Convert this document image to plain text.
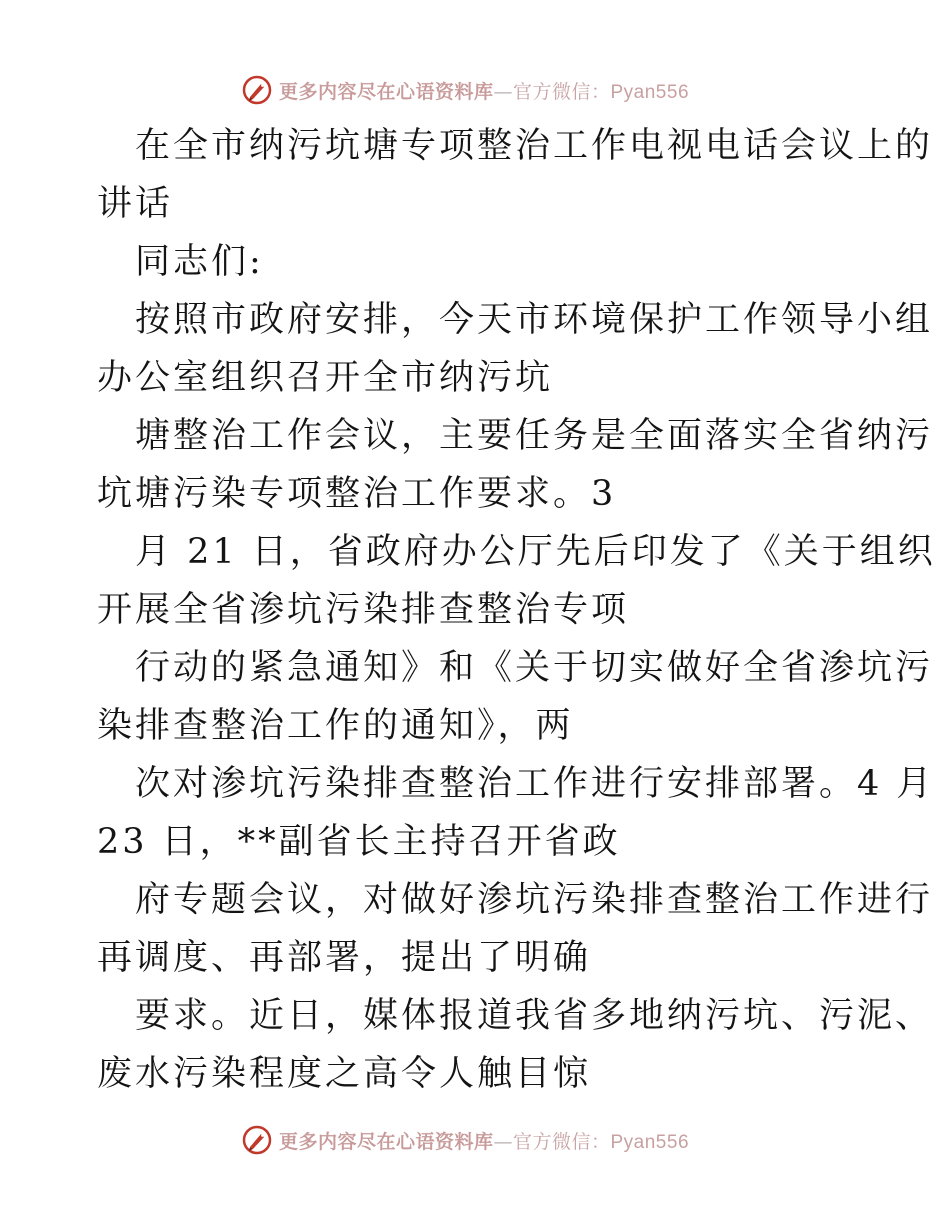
更多内容尽在心语资料库—官方微信：Pyan556
在全市纳污坑塘专项整治工作电视电话会议上的
讲话
同志们:
按照市政府安排，今天市环境保护工作领导小组
办公室组织召开全市纳污坑
塘整治工作会议，主要任务是全面落实全省纳污
坑塘污染专项整治工作要求。3
月 21 日，省政府办公厅先后印发了《关于组织
开展全省渗坑污染排查整治专项
行动的紧急通知》和《关于切实做好全省渗坑污
染排查整治工作的通知》，两
次对渗坑污染排查整治工作进行安排部署。4 月
23 日，**副省长主持召开省政
府专题会议，对做好渗坑污染排查整治工作进行
再调度、再部署，提出了明确
要求。近日，媒体报道我省多地纳污坑、污泥、
废水污染程度之高令人触目惊
更多内容尽在心语资料库—官方微信：Pyan556
